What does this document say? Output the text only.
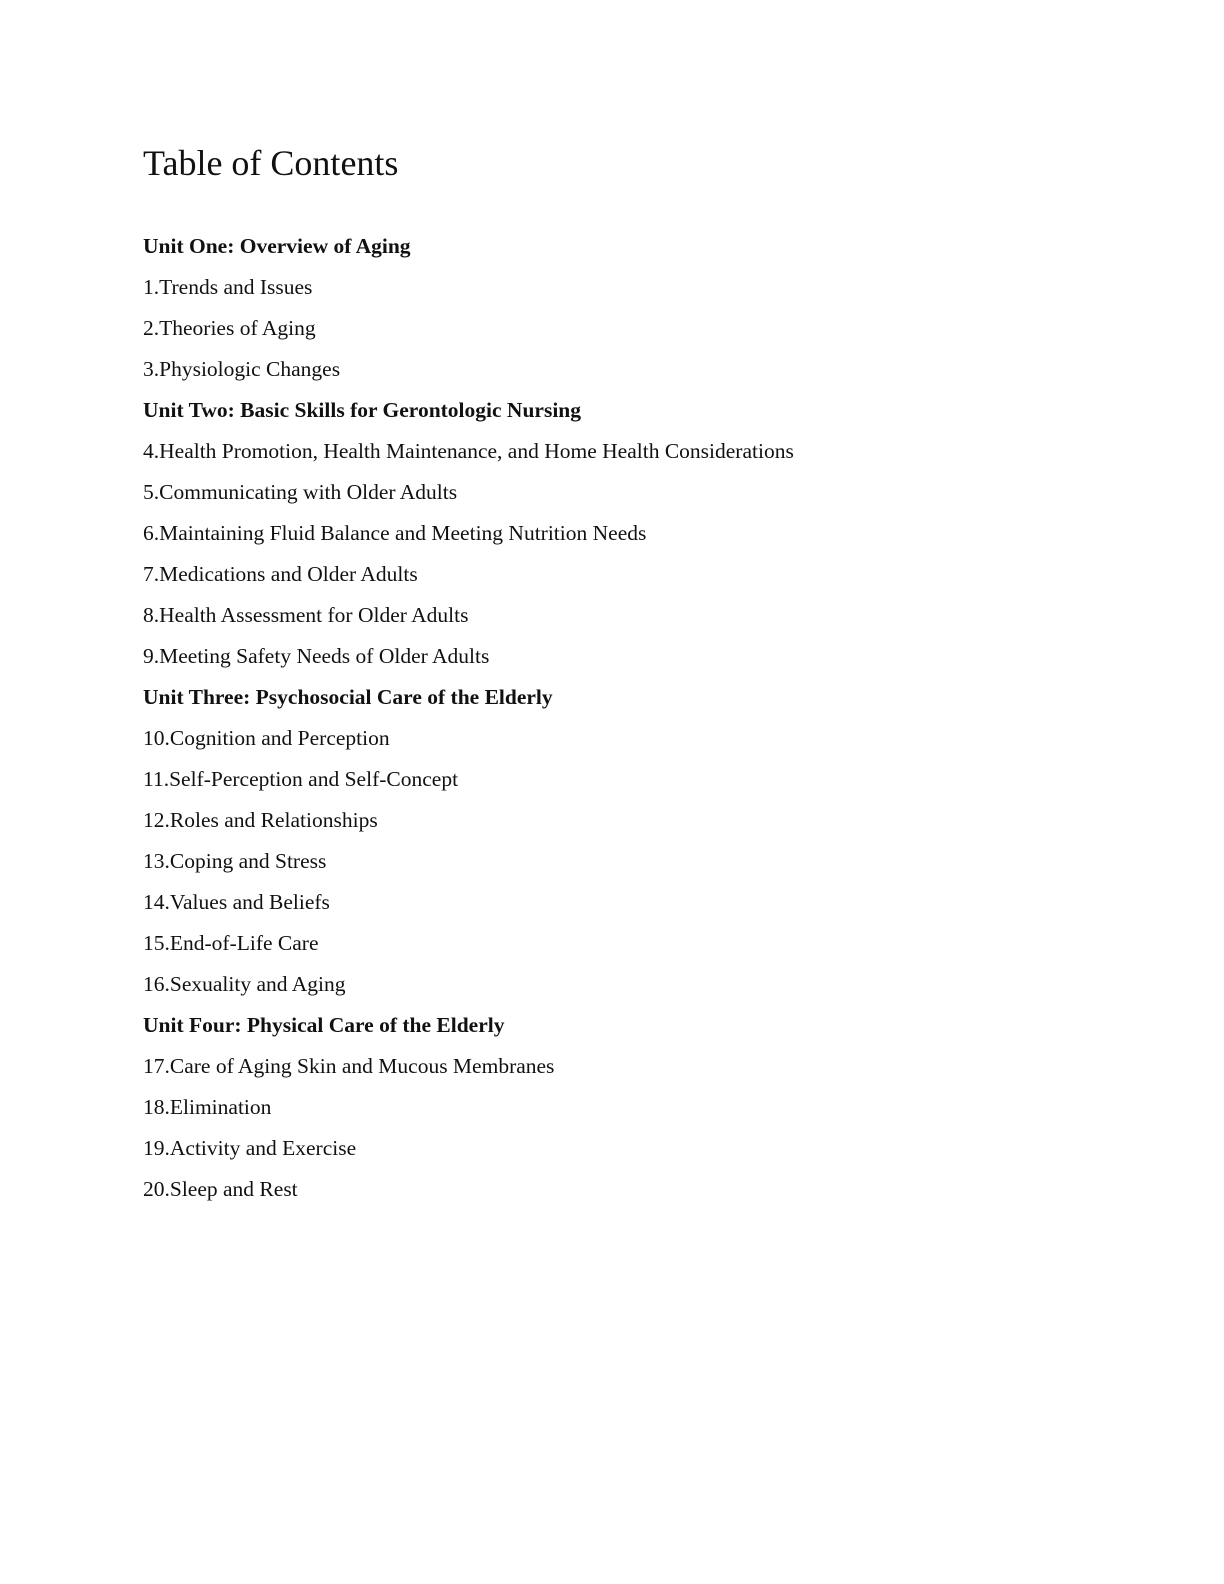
Table of Contents
Unit One: Overview of Aging
1.Trends and Issues
2.Theories of Aging
3.Physiologic Changes
Unit Two: Basic Skills for Gerontologic Nursing
4.Health Promotion, Health Maintenance, and Home Health Considerations
5.Communicating with Older Adults
6.Maintaining Fluid Balance and Meeting Nutrition Needs
7.Medications and Older Adults
8.Health Assessment for Older Adults
9.Meeting Safety Needs of Older Adults
Unit Three: Psychosocial Care of the Elderly
10.Cognition and Perception
11.Self-Perception and Self-Concept
12.Roles and Relationships
13.Coping and Stress
14.Values and Beliefs
15.End-of-Life Care
16.Sexuality and Aging
Unit Four: Physical Care of the Elderly
17.Care of Aging Skin and Mucous Membranes
18.Elimination
19.Activity and Exercise
20.Sleep and Rest
